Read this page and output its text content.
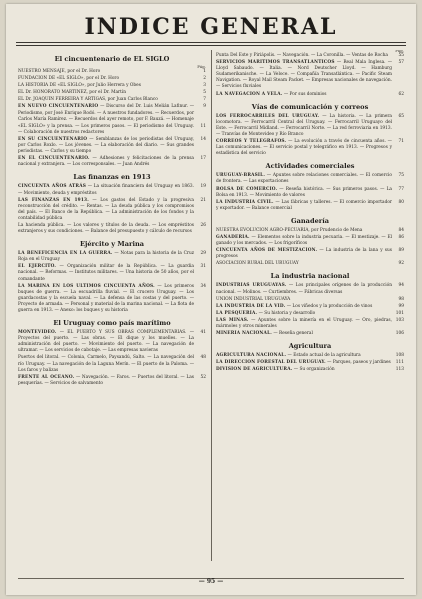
INDICE GENERAL
El cincuentenario de EL SIGLO
Pág.
NUESTRO MENSAJE, por el Dr. Horo	1
FUNDACION DE «EL SIGLO», por el Dr. Horo	2
LA HISTORIA DE «EL SIGLO», por Julio Herrera y Obes	3
EL Dr. HONORATO MARTINEZ, por el Dr. Martín	5
EL Dr. JOAQUIN FERREIRA Y ARTIGAS, por Juan Carlos Blanco	7
EN NUEVO CINCUENTENARIO — Discurso del Dr. Luis Melián Lafinur. — Periodismo, por José Enrique Rodó. — A nuestros fundadores. — Recuerdos, por Carlos María Ramírez. — Recuerdos del ayer remoto, por F. Bauzá. — Homenaje
9
«EL SIGLO» y la prensa. — Los primeros pasos. — El periodismo del Uruguay. — Colaboración de nuestros redactores
11
EN SU CINCUENTENARIO — Semblanzas de los periodistas del Uruguay, por Carlos Roxlo. — Los jóvenes. — La elaboración del diario. — Sus grandes periodistas. — Carlos y su tiempo
14
EN EL CINCUENTENARIO. — Adhesiones y felicitaciones de la prensa nacional y extranjera. — Los corresponsales. — Juan Andrés
17
Las finanzas en 1913
CINCUENTA AÑOS ATRÁS — La situación financiera del Uruguay en 1863. — Movimiento, deuda y empréstitos
19
LAS FINANZAS EN 1913. — Los gastos del Estado y la progresiva reconstrucción del crédito. — Rentas. — La deuda pública y los compromisos del país. — El Banco de la República. — La administración de los fondos y la contabilidad pública
21
La hacienda pública. — Los valores y títulos de la deuda. — Los empréstitos extranjeros y sus condiciones. — Balance del presupuesto y cálculo de recursos
26
Ejército y Marina
LA BENEFICENCIA EN LA GUERRA. — Notas para la historia de la Cruz Roja en el Uruguay
29
EL EJERCITO. — Organización militar de la República. — La guardia nacional. — Reformas. — Institutos militares. — Una historia de 50 años, por el comandante
31
LA MARINA EN LOS ULTIMOS CINCUENTA AÑOS. — Los primeros buques de guerra. — La escuadrilla fluvial. — El crucero Uruguay. — Los guardacostas y la escuela naval. — La defensa de las costas y del puerto. — Proyecto de armada. — Personal y material de la marina nacional. — La flota de guerra en 1913. — Anexo: los buques y su historia
34
El Uruguay como país marítimo
MONTEVIDEO. — EL PUERTO Y SUS OBRAS COMPLEMENTARIAS. — Proyectos del puerto. — Las obras. — El dique y los muelles. — La administración del puerto. — Movimiento del puerto. — La navegación de ultramar. — Los servicios de cabotaje. — Las empresas navieras
41
Puertos del litoral. — Colonia, Carmelo, Paysandú, Salto. — La navegación del río Uruguay. — La navegación de la Laguna Merín. — El puerto de la Paloma. — Los faros y balizas
48
FRENTE AL OCEANO. — Navegación. — Faros. — Puertos del litoral. — Las pesquerías. — Servicios de salvamento
52
Pág.
Punta Del Este y Piriápolis. — Navegación. — La Coronilla. — Ventas de Rocha	55
SERVICIOS MARITIMOS TRANSATLANTICOS — Real Mala Inglesa. — Lloyd Sabaudo. — Italia. — Nord Deutscher Lloyd. — Hamburg Sudamerikanische. — La Veloce. — Compañía Transatlántica. — Pacific Steam Navigation. — Royal Mail Steam Packet. — Empresas nacionales de navegación. — Servicios fluviales
57
LA NAVEGACION A VELA. — Por sus dominios	62
Vías de comunicación y correos
LOS FERROCARRILES DEL URUGUAY. — La historia. — La primera locomotora. — Ferrocarril Central del Uruguay. — Ferrocarril Uruguayo del Este. — Ferrocarril Midland. — Ferrocarril Norte. — La red ferroviaria en 1913. — Tranvías de Montevideo y Río Branco
65
CORREOS Y TELEGRAFOS. — La evolución a través de cincuenta años. — Las comunicaciones. — El servicio postal y telegráfico en 1913. — Progresos y estadística del servicio
71
Actividades comerciales
URUGUAY-BRASIL. — Apuntes sobre relaciones comerciales. — El comercio de frontera. — Las exportaciones
75
BOLSA DE COMERCIO. — Reseña histórica. — Sus primeros pasos. — La Bolsa en 1913. — Movimiento de valores
77
LA INDUSTRIA CIVIL. — Las fábricas y talleres. — El comercio importador y exportador. — Balance comercial
80
Ganadería
NUESTRA EVOLUCION AGRO-PECUARIA, por Prudencio de Mena	84
GANADERIA. — Elementos sobre la industria pecuaria. — El mestizaje. — El ganado y los mercados. — Los frigoríficos
86
CINCUENTA AÑOS DE MESTIZACION. — La industria de la lana y sus progresos
89
ASOCIACION RURAL DEL URUGUAY	92
La industria nacional
INDUSTRIAS URUGUAYAS. — Los principales orígenes de la producción nacional. — Molinos. — Curtiembres. — Fábricas diversas
94
UNION INDUSTRIAL URUGUAYA	98
LA INDUSTRIA DE LA VID. — Los viñedos y la producción de vinos	99
LA PESQUERIA. — Su historia y desarrollo	101
LAS MINAS. — Apuntes sobre la minería en el Uruguay. — Oro, piedras, mármoles y otros minerales
103
MINERIA NACIONAL. — Reseña general	106
Agricultura
AGRICULTURA NACIONAL. — Estado actual de la agricultura	108
LA DIRECCION FORESTAL DEL URUGUAY. — Parques, paseos y jardines	111
DIVISION DE AGRICULTURA. — Su organización	113
— 95 —
